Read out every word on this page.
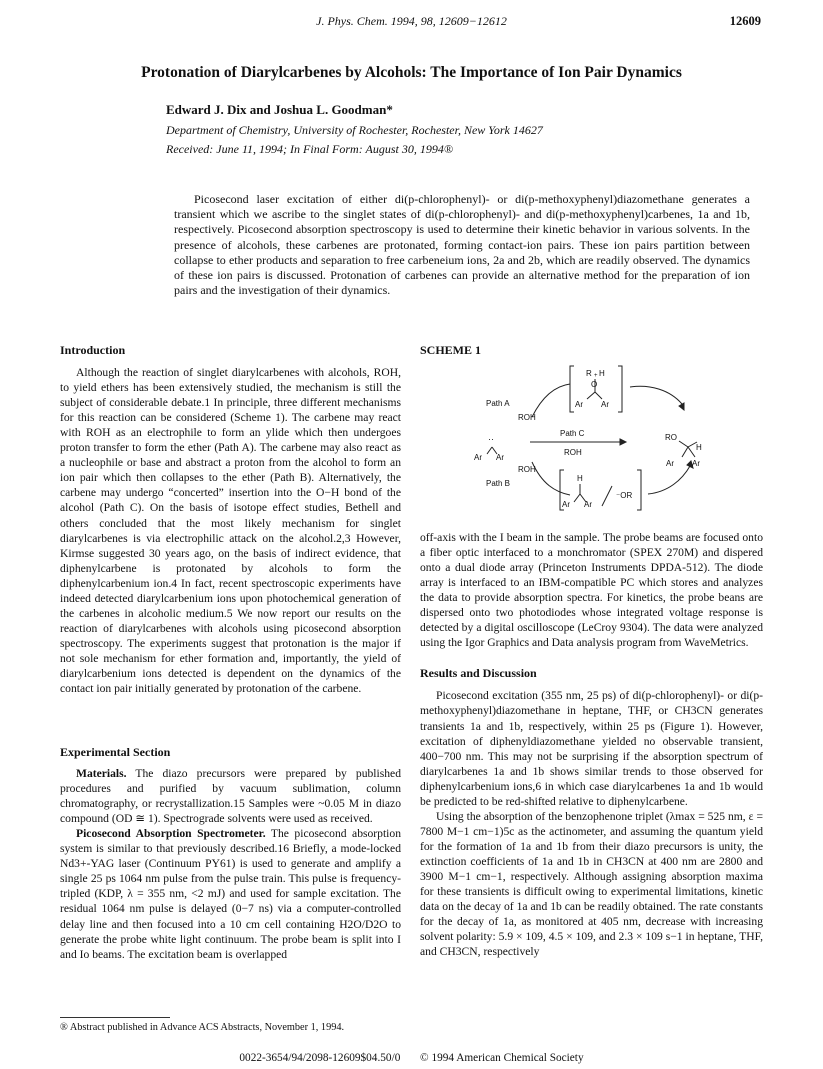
J. Phys. Chem. 1994, 98, 12609−12612	12609
Protonation of Diarylcarbenes by Alcohols: The Importance of Ion Pair Dynamics
Edward J. Dix and Joshua L. Goodman*
Department of Chemistry, University of Rochester, Rochester, New York 14627
Received: June 11, 1994; In Final Form: August 30, 1994®

Picosecond laser excitation of either di(p-chlorophenyl)- or di(p-methoxyphenyl)diazomethane generates a transient which we ascribe to the singlet states of di(p-chlorophenyl)- and di(p-methoxyphenyl)carbenes, 1a and 1b, respectively. Picosecond absorption spectroscopy is used to determine their kinetic behavior in various solvents. In the presence of alcohols, these carbenes are protonated, forming contact-ion pairs. These ion pairs partition between collapse to ether products and separation to free carbeneium ions, 2a and 2b, which are readily observed. The dynamics of these ion pairs is discussed. Protonation of carbenes can provide an alternative method for the preparation of ion pairs and the investigation of their dynamics.

Introduction

Although the reaction of singlet diarylcarbenes with alcohols, ROH, to yield ethers has been extensively studied, the mechanism is still the subject of considerable debate.1 In principle, three different mechanisms for this reaction can be considered (Scheme 1). The carbene may react with ROH as an electrophile to form an ylide which then undergoes proton transfer to form the ether (Path A). The carbene may also react as a nucleophile or base and abstract a proton from the alcohol to form an ion pair which then collapses to the ether (Path B). Alternatively, the carbene may undergo “concerted” insertion into the O−H bond of the alcohol (Path C). On the basis of isotope effect studies, Bethell and others concluded that the most likely mechanism for singlet diarylcarbenes is via electrophilic attack on the alcohol.2,3 However, Kirmse suggested 30 years ago, on the basis of indirect evidence, that diphenylcarbene is protonated by alcohols to form the diphenylcarbenium ion.4 In fact, recent spectroscopic experiments have indeed detected diarylcarbenium ions upon photochemical generation of the carbenes in alcoholic medium.5 We now report our results on the reaction of diarylcarbenes with alcohols using picosecond absorption spectroscopy. The experiments suggest that protonation is the major if not sole mechanism for ether formation and, importantly, the yield of diarylcarbenium ions detected is dependent on the dynamics of the contact ion pair initially generated by protonation of the carbene.

Experimental Section

Materials. The diazo precursors were prepared by published procedures and purified by vacuum sublimation, column chromatography, or recrystallization.15 Samples were ~0.05 M in diazo compound (OD ≅ 1). Spectrograde solvents were used as received.

Picosecond Absorption Spectrometer. The picosecond absorption system is similar to that previously described.16 Briefly, a mode-locked Nd3+-YAG laser (Continuum PY61) is used to generate and amplify a single 25 ps 1064 nm pulse from the pulse train. This pulse is frequency-tripled (KDP, λ = 355 nm, <2 mJ) and used for sample excitation. The residual 1064 nm pulse is delayed (0−7 ns) via a computer-controlled delay line and then focused into a 10 cm cell containing H2O/D2O to generate the probe white light continuum. The probe beam is split into I and Io beams. The excitation beam is overlapped

SCHEME 1
Path A
ROH
Path B
ROH
Path C
ROH
··
Ar Ar
R H
O
+
Ar Ar
H
Ar Ar
⁻OR
RO
H
Ar Ar

off-axis with the I beam in the sample. The probe beams are focused onto a fiber optic interfaced to a monchromator (SPEX 270M) and dispered onto a dual diode array (Princeton Instruments DPDA-512). The diode array is interfaced to an IBM-compatible PC which stores and analyzes the data to provide absorption spectra. For kinetics, the probe beans are dispersed onto two photodiodes whose integrated voltage response is detected by a digital oscilloscope (LeCroy 9304). The data were analyzed using the Igor Graphics and Data analysis program from WaveMetrics.

Results and Discussion

Picosecond excitation (355 nm, 25 ps) of di(p-chlorophenyl)- or di(p-methoxyphenyl)diazomethane in heptane, THF, or CH3CN generates transients 1a and 1b, respectively, within 25 ps (Figure 1). However, excitation of diphenyldiazomethane yielded no observable transient, 400−700 nm. This may not be surprising if the absorption spectrum of diarylcarbenes 1a and 1b shows similar trends to those observed for diphenylcarbenium ions,6 in which case diarylcarbenes 1a and 1b would be predicted to be red-shifted relative to diphenylcarbene.

Using the absorption of the benzophenone triplet (λmax = 525 nm, ε = 7800 M−1 cm−1)5c as the actinometer, and assuming the quantum yield for the formation of 1a and 1b from their diazo precursors is unity, the extinction coefficients of 1a and 1b in CH3CN at 400 nm are 2800 and 3900 M−1 cm−1, respectively. Although assigning absorption maxima for these transients is difficult owing to experimental limitations, kinetic data on the decay of 1a and 1b can be readily obtained. The rate constants for the decay of 1a, as monitored at 405 nm, decrease with increasing solvent polarity: 5.9 × 109, 4.5 × 109, and 2.3 × 109 s−1 in heptane, THF, and CH3CN, respectively

® Abstract published in Advance ACS Abstracts, November 1, 1994.
0022-3654/94/2098-12609$04.50/0 © 1994 American Chemical Society
